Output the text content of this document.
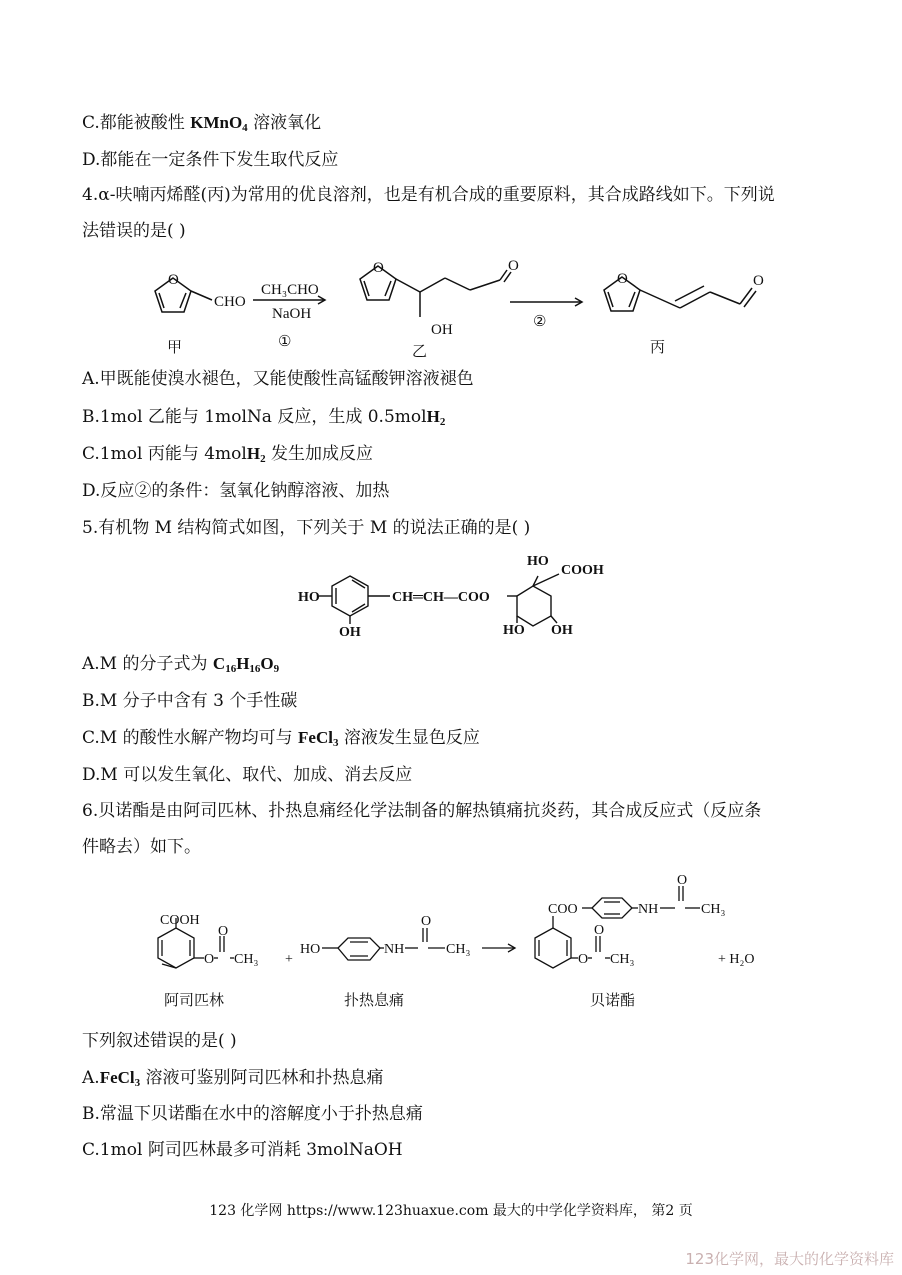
C.都能被酸性 KMnO$_4$ 溶液氧化
D.都能在一定条件下发生取代反应
4.α-呋喃丙烯醛(丙)为常用的优良溶剂，也是有机合成的重要原料，其合成路线如下。下列说
法错误的是( )
O
CHO
CH₃CHO
NaOH
①
O	O
OH	②
O	O
甲	乙	丙
A.甲既能使溴水褪色，又能使酸性高锰酸钾溶液褪色
B.1mol 乙能与 1molNa 反应，生成 0.5molH$_2$
C.1mol 丙能与 4molH$_2$ 发生加成反应
D.反应②的条件：氢氧化钠醇溶液、加热
5.有机物 M 结构简式如图，下列关于 M 的说法正确的是( )
HO
OH
CH═CH—COO
HO
COOH
HO OH
A.M 的分子式为 $C_{16}H_{16}O_9$
B.M 分子中含有 3 个手性碳
C.M 的酸性水解产物均可与 FeCl$_3$ 溶液发生显色反应
D.M 可以发生氧化、取代、加成、消去反应
6.贝诺酯是由阿司匹林、扑热息痛经化学法制备的解热镇痛抗炎药，其合成反应式（反应条
件略去）如下。
COOH
O
O
CH₃ +
HO	NH
O
CH₃
COO
O
O
CH₃
NH
O
CH₃
+ H₂O
阿司匹林	扑热息痛	贝诺酯
下列叙述错误的是( )
A.FeCl$_3$ 溶液可鉴别阿司匹林和扑热息痛
B.常温下贝诺酯在水中的溶解度小于扑热息痛
C.1mol 阿司匹林最多可消耗 3molNaOH
123 化学网 https://www.123huaxue.com 最大的中学化学资料库， 第2 页
123化学网，最大的化学资料库
